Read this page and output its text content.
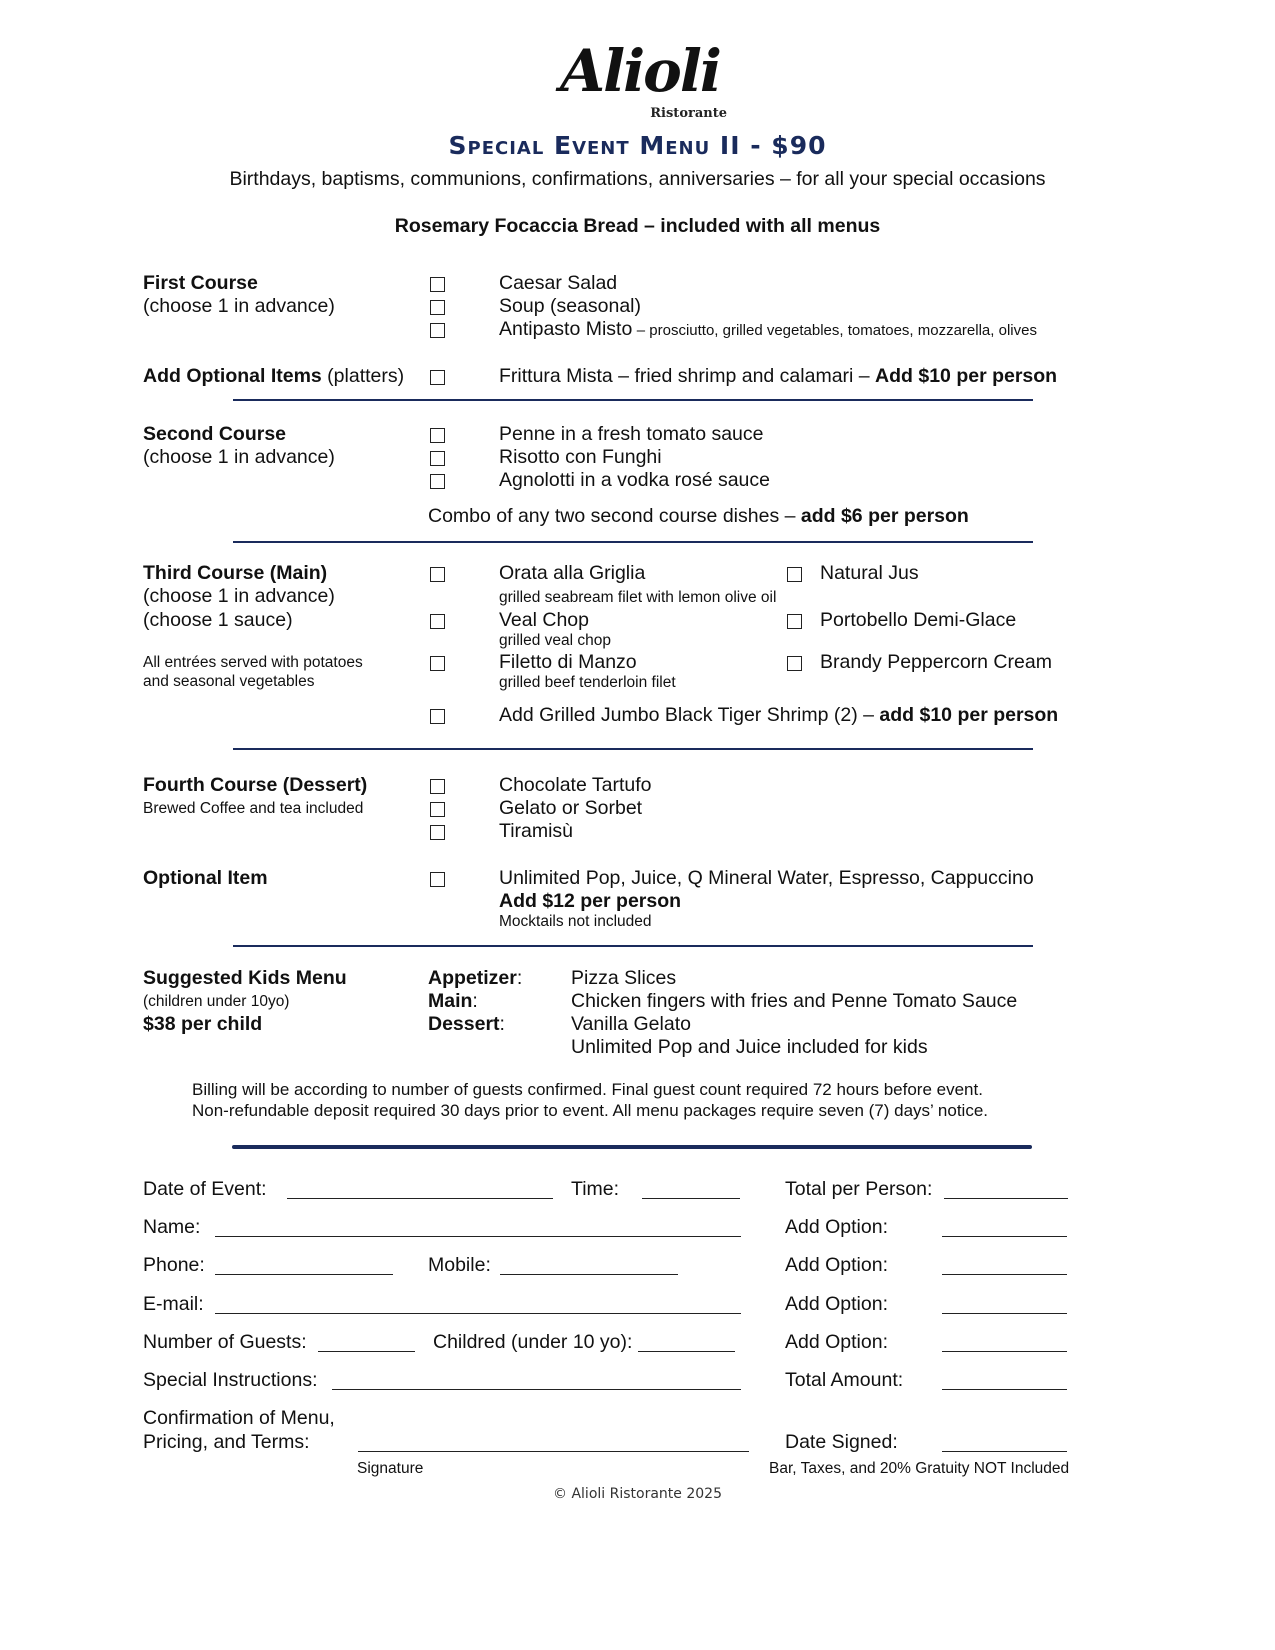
Alioli
Ristorante
Special Event Menu II - $90
Birthdays, baptisms, communions, confirmations, anniversaries – for all your special occasions
Rosemary Focaccia Bread – included with all menus
First Course
(choose 1 in advance)
Caesar Salad
Soup (seasonal)
Antipasto Misto – prosciutto, grilled vegetables, tomatoes, mozzarella, olives
Add Optional Items (platters)	Frittura Mista – fried shrimp and calamari – Add $10 per person
Second Course
(choose 1 in advance)
Penne in a fresh tomato sauce
Risotto con Funghi
Agnolotti in a vodka rosé sauce
Combo of any two second course dishes – add $6 per person
Third Course (Main)
(choose 1 in advance)
(choose 1 sauce)
All entrées served with potatoes
and seasonal vegetables
Orata alla Griglia
grilled seabream filet with lemon olive oil
Veal Chop
grilled veal chop
Filetto di Manzo
grilled beef tenderloin filet
Natural Jus
Portobello Demi-Glace
Brandy Peppercorn Cream
Add Grilled Jumbo Black Tiger Shrimp (2) – add $10 per person
Fourth Course (Dessert)
Brewed Coffee and tea included
Chocolate Tartufo
Gelato or Sorbet
Tiramisù
Optional Item	Unlimited Pop, Juice, Q Mineral Water, Espresso, Cappuccino
Add $12 per person
Mocktails not included
Suggested Kids Menu
(children under 10yo)
$38 per child
Appetizer: Pizza Slices
Main:	Chicken fingers with fries and Penne Tomato Sauce
Dessert:	Vanilla Gelato
Unlimited Pop and Juice included for kids
Billing will be according to number of guests confirmed. Final guest count required 72 hours before event.
Non-refundable deposit required 30 days prior to event. All menu packages require seven (7) days’ notice.
Date of Event:	Time:
Name:
Phone:	Mobile:
E-mail:
Number of Guests:	Childred (under 10 yo):
Special Instructions:
Confirmation of Menu,
Pricing, and Terms:
Signature
Total per Person:
Add Option:
Add Option:
Add Option:
Add Option:
Total Amount:
Date Signed:
Bar, Taxes, and 20% Gratuity NOT Included
© Alioli Ristorante 2025
